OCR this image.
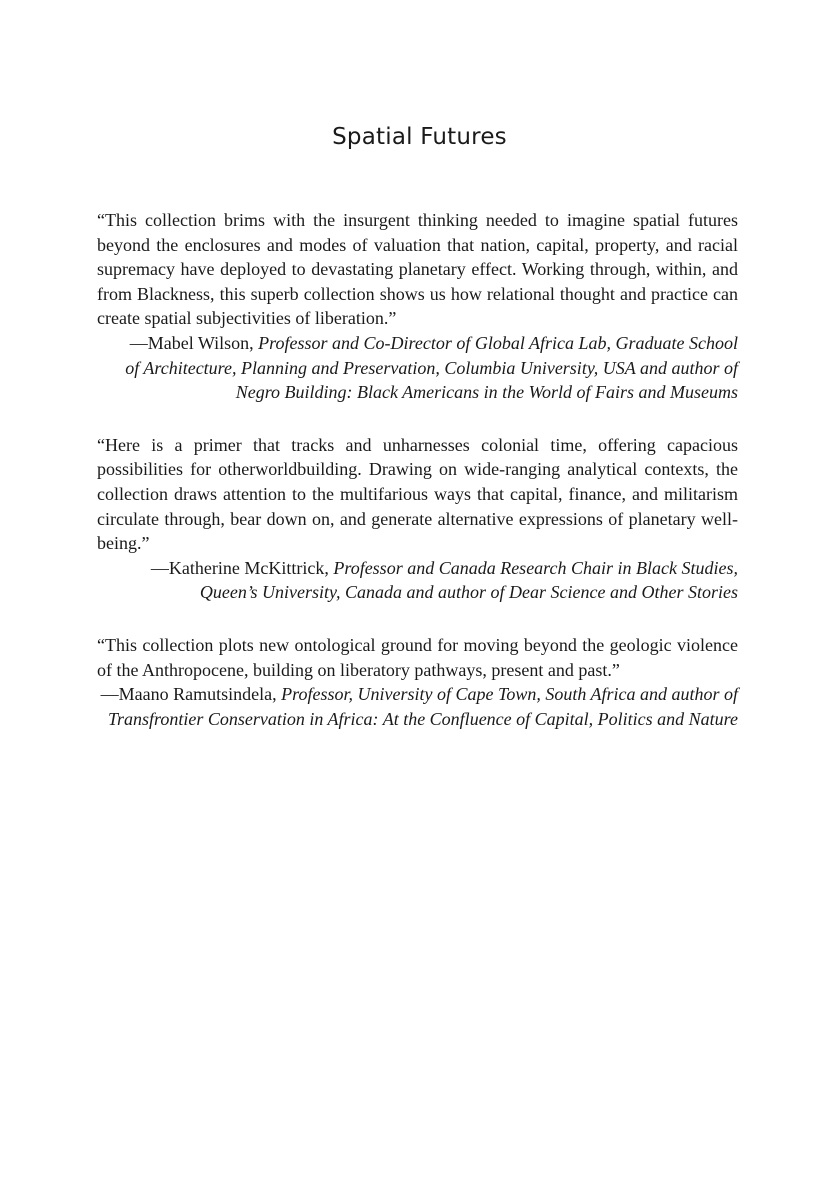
Spatial Futures

“This collection brims with the insurgent thinking needed to imagine spatial futures beyond the enclosures and modes of valuation that nation, capital, property, and racial supremacy have deployed to devastating planetary effect. Working through, within, and from Blackness, this superb collection shows us how relational thought and practice can create spatial subjectivities of liberation.”

—Mabel Wilson, Professor and Co-Director of Global Africa Lab, Graduate School of Architecture, Planning and Preservation, Columbia University, USA and author of Negro Building: Black Americans in the World of Fairs and Museums

“Here is a primer that tracks and unharnesses colonial time, offering capacious possibilities for otherworldbuilding. Drawing on wide-ranging analytical contexts, the collection draws attention to the multifarious ways that capital, finance, and militarism circulate through, bear down on, and generate alternative expressions of planetary well-being.”

—Katherine McKittrick, Professor and Canada Research Chair in Black Studies, Queen’s University, Canada and author of Dear Science and Other Stories

“This collection plots new ontological ground for moving beyond the geologic violence of the Anthropocene, building on liberatory pathways, present and past.”

—Maano Ramutsindela, Professor, University of Cape Town, South Africa and author of Transfrontier Conservation in Africa: At the Confluence of Capital, Politics and Nature
